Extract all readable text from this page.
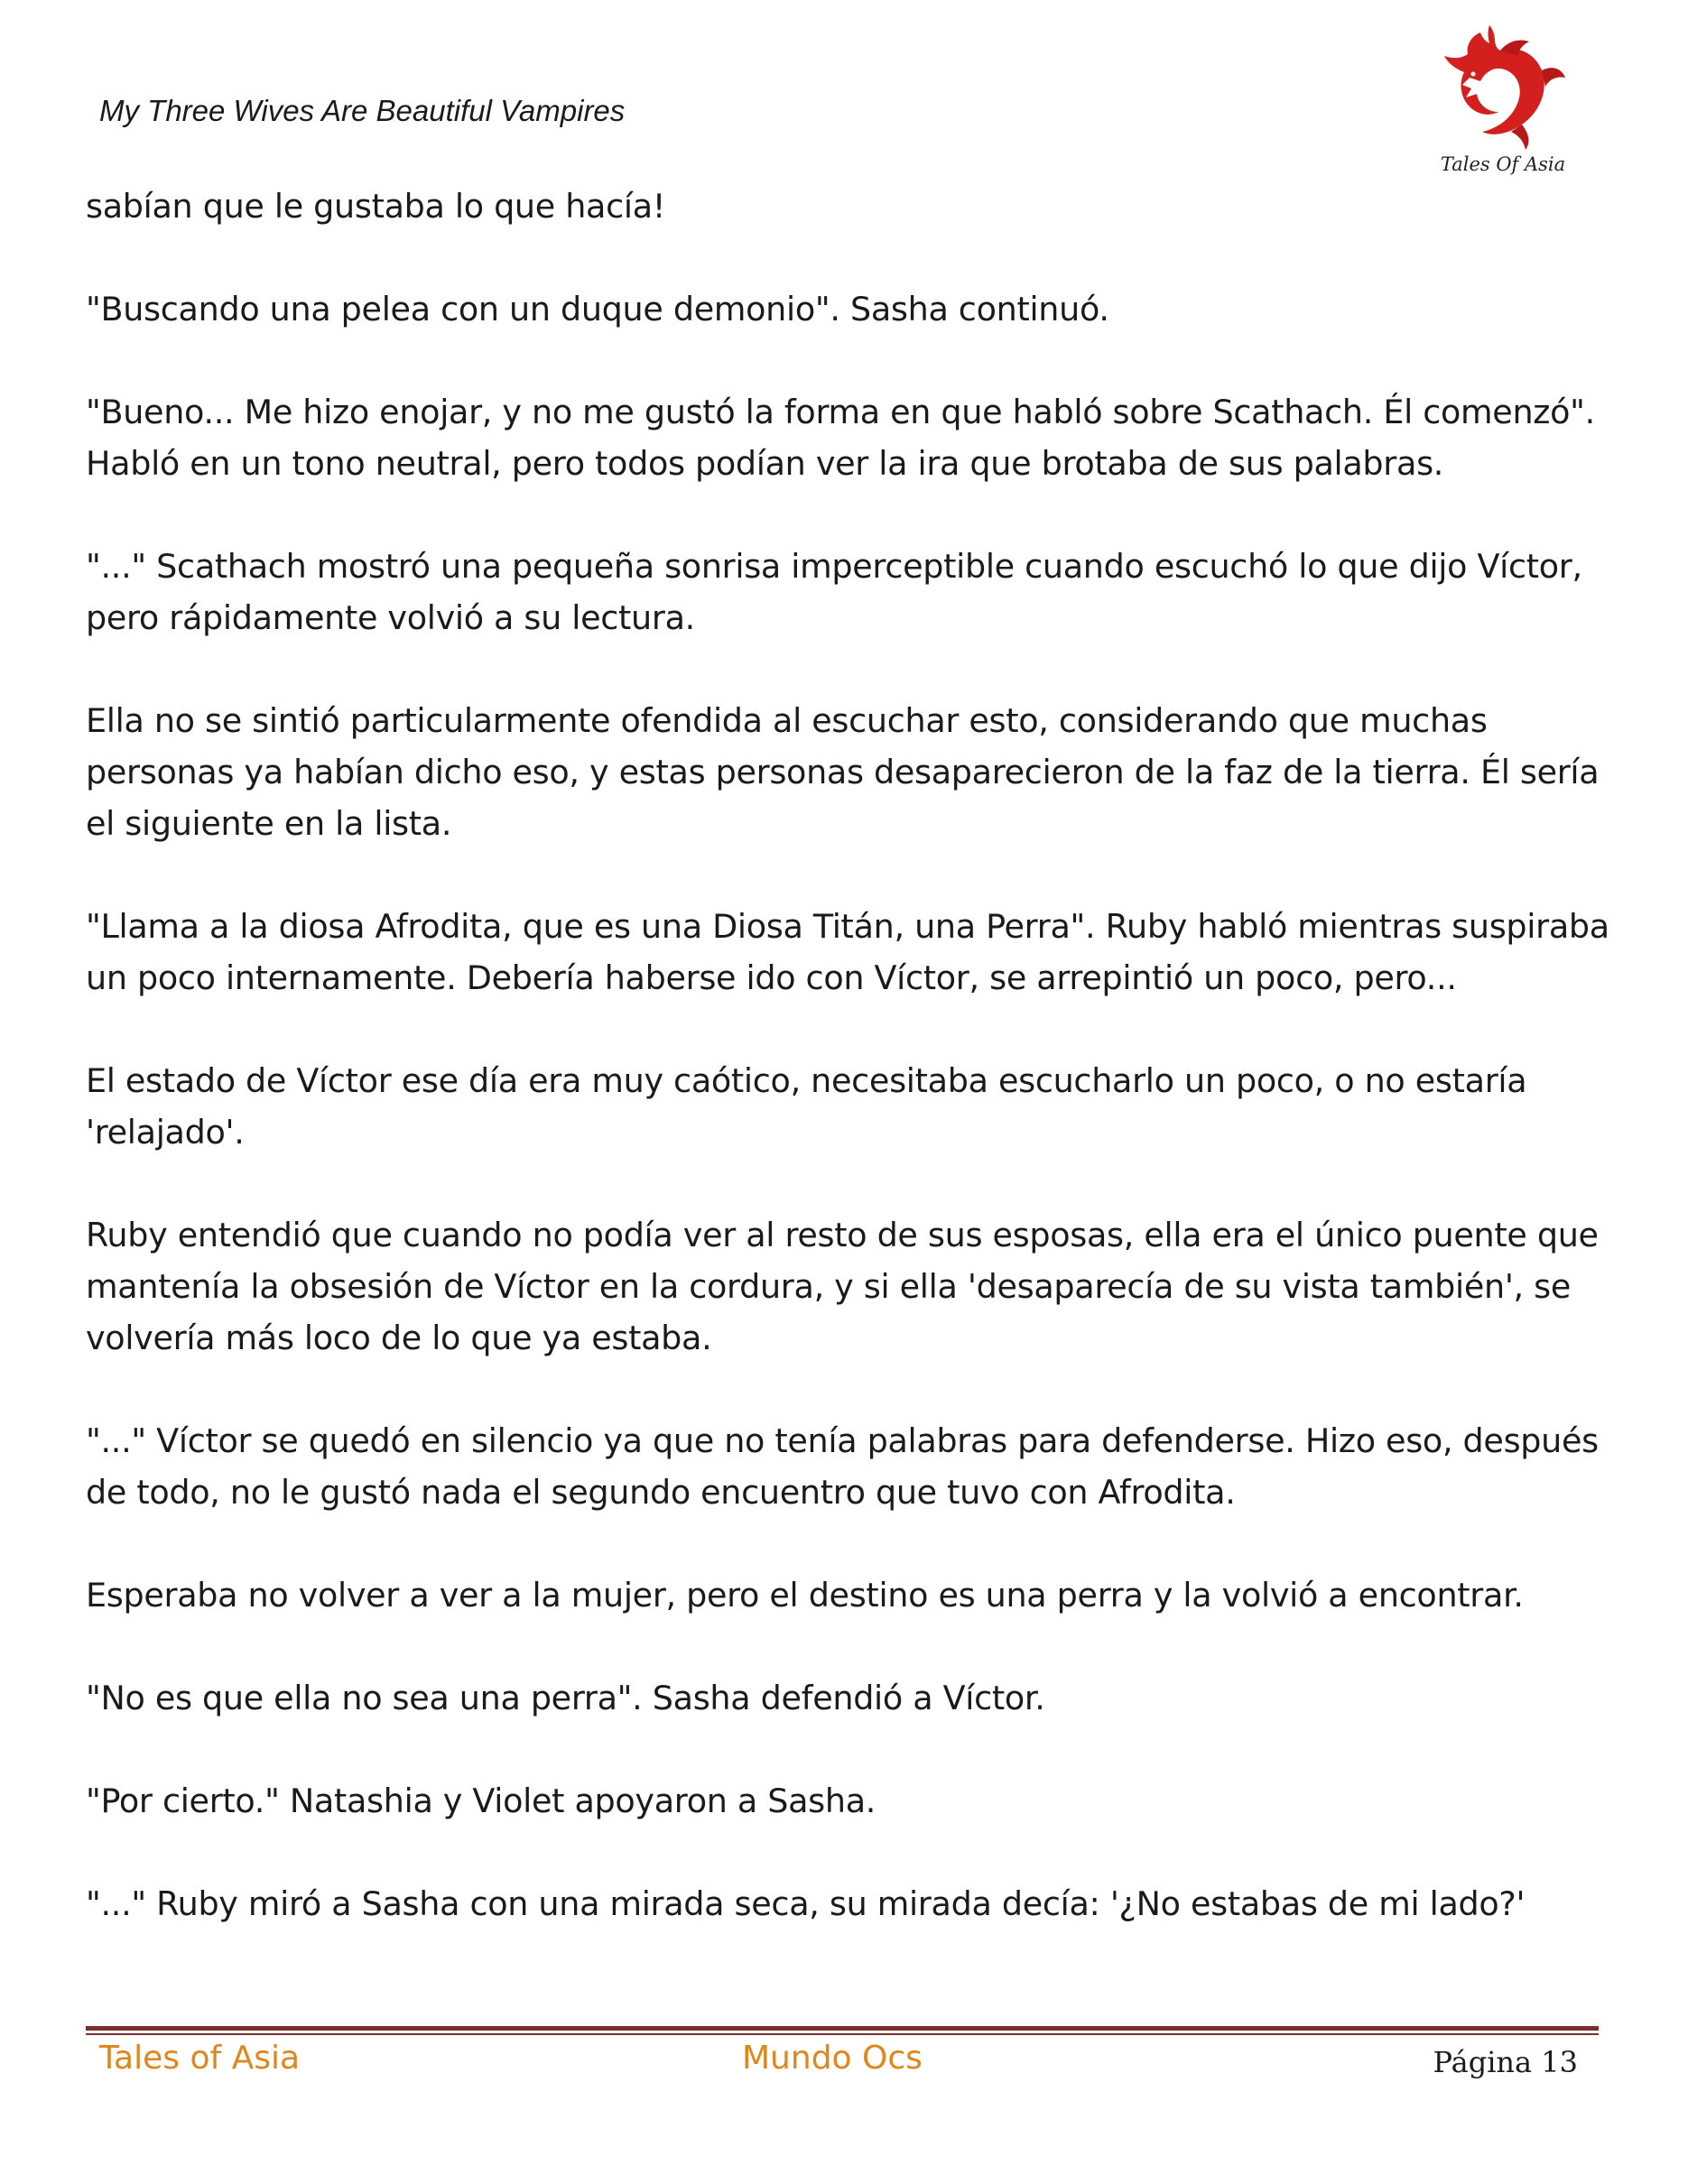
My Three Wives Are Beautiful Vampires
Tales Of Asia

sabían que le gustaba lo que hacía!

"Buscando una pelea con un duque demonio". Sasha continuó.

"Bueno... Me hizo enojar, y no me gustó la forma en que habló sobre Scathach. Él comenzó". Habló en un tono neutral, pero todos podían ver la ira que brotaba de sus palabras.

"..." Scathach mostró una pequeña sonrisa imperceptible cuando escuchó lo que dijo Víctor, pero rápidamente volvió a su lectura.

Ella no se sintió particularmente ofendida al escuchar esto, considerando que muchas personas ya habían dicho eso, y estas personas desaparecieron de la faz de la tierra. Él sería el siguiente en la lista.

"Llama a la diosa Afrodita, que es una Diosa Titán, una Perra". Ruby habló mientras suspiraba un poco internamente. Debería haberse ido con Víctor, se arrepintió un poco, pero...

El estado de Víctor ese día era muy caótico, necesitaba escucharlo un poco, o no estaría 'relajado'.

Ruby entendió que cuando no podía ver al resto de sus esposas, ella era el único puente que mantenía la obsesión de Víctor en la cordura, y si ella 'desaparecía de su vista también', se volvería más loco de lo que ya estaba.

"..." Víctor se quedó en silencio ya que no tenía palabras para defenderse. Hizo eso, después de todo, no le gustó nada el segundo encuentro que tuvo con Afrodita.

Esperaba no volver a ver a la mujer, pero el destino es una perra y la volvió a encontrar.

"No es que ella no sea una perra". Sasha defendió a Víctor.

"Por cierto." Natashia y Violet apoyaron a Sasha.

"..." Ruby miró a Sasha con una mirada seca, su mirada decía: '¿No estabas de mi lado?'

Tales of Asia	Mundo Ocs	Página 13
